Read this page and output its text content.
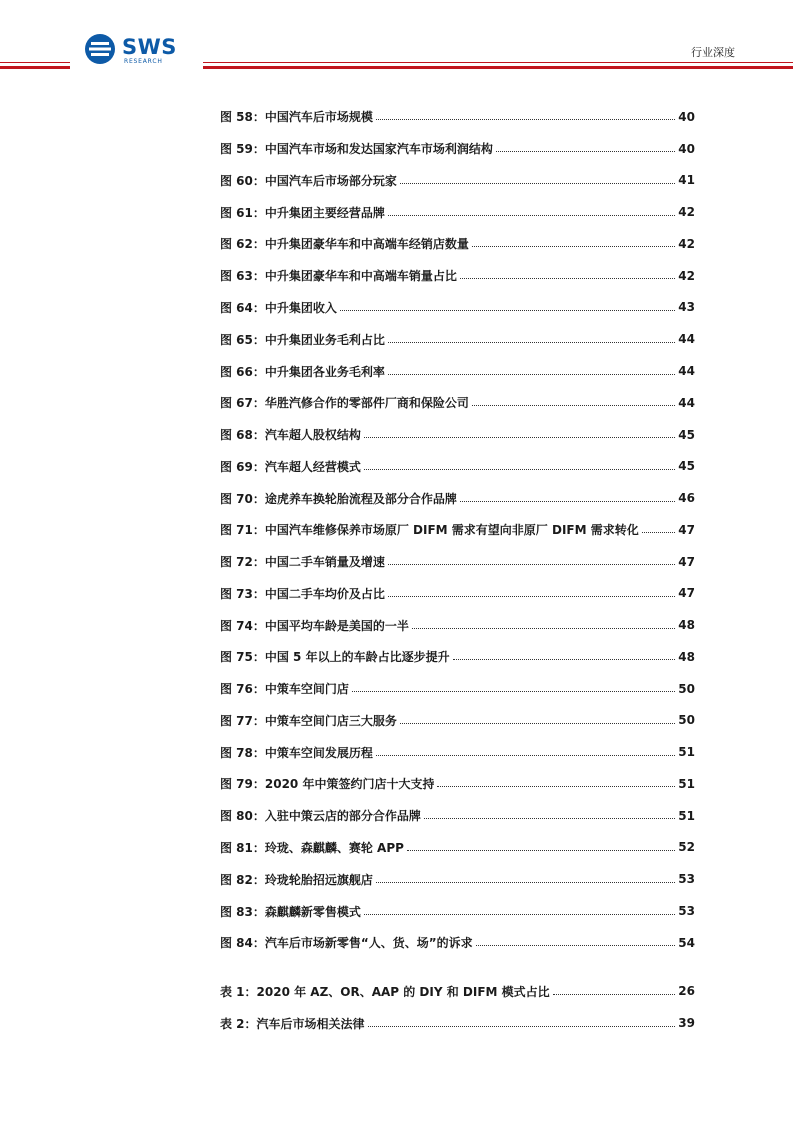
SWS
RESEARCH
行业深度
图 58：中国汽车后市场规模	40
图 59：中国汽车市场和发达国家汽车市场利润结构	40
图 60：中国汽车后市场部分玩家	41
图 61：中升集团主要经营品牌	42
图 62：中升集团豪华车和中高端车经销店数量	42
图 63：中升集团豪华车和中高端车销量占比	42
图 64：中升集团收入	43
图 65：中升集团业务毛利占比	44
图 66：中升集团各业务毛利率	44
图 67：华胜汽修合作的零部件厂商和保险公司	44
图 68：汽车超人股权结构	45
图 69：汽车超人经营模式	45
图 70：途虎养车换轮胎流程及部分合作品牌	46
图 71：中国汽车维修保养市场原厂 DIFM 需求有望向非原厂 DIFM 需求转化	47
图 72：中国二手车销量及增速	47
图 73：中国二手车均价及占比	47
图 74：中国平均车龄是美国的一半	48
图 75：中国 5 年以上的车龄占比逐步提升	48
图 76：中策车空间门店	50
图 77：中策车空间门店三大服务	50
图 78：中策车空间发展历程	51
图 79：2020 年中策签约门店十大支持	51
图 80：入驻中策云店的部分合作品牌	51
图 81：玲珑、森麒麟、赛轮 APP	52
图 82：玲珑轮胎招远旗舰店	53
图 83：森麒麟新零售模式	53
图 84：汽车后市场新零售“人、货、场”的诉求	54
表 1：2020 年 AZ、OR、AAP 的 DIY 和 DIFM 模式占比	26
表 2：汽车后市场相关法律	39
